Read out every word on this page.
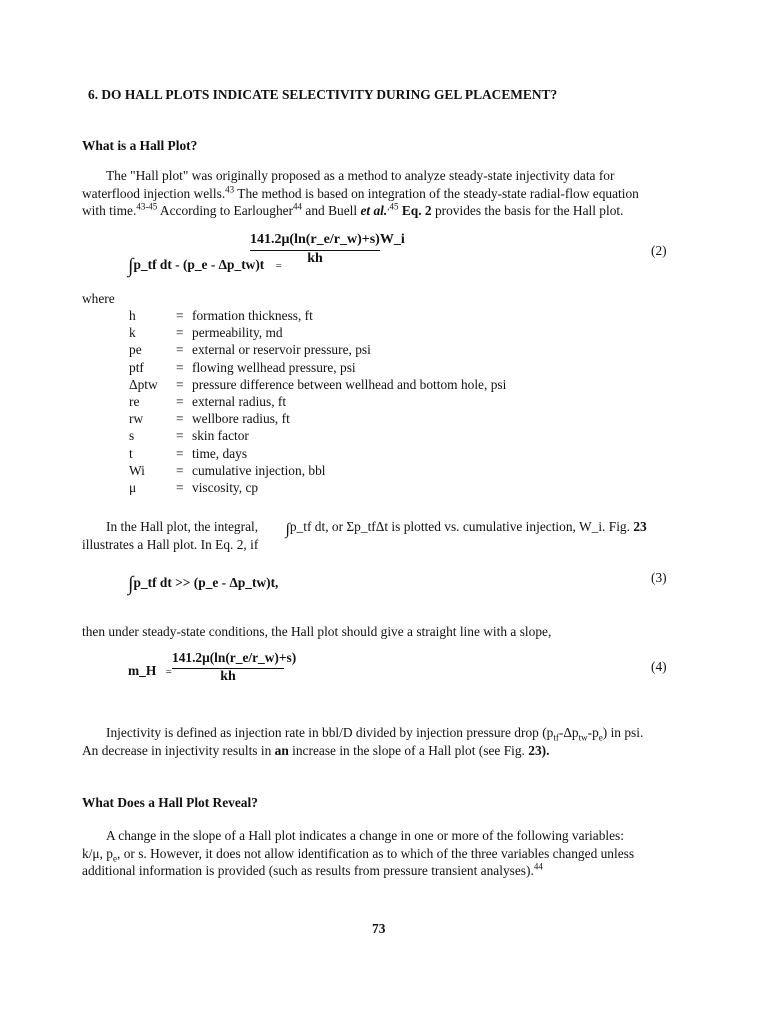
6. DO HALL PLOTS INDICATE SELECTIVITY DURING GEL PLACEMENT?
What is a Hall Plot?
The "Hall plot" was originally proposed as a method to analyze steady-state injectivity data for
waterflood injection wells.$^{43}$ The method is based on integration of the steady-state radial-flow equation
with time.$^{43-45}$ According to Earlougher$^{44}$ and Buell et al.$^{,45}$ Eq. 2 provides the basis for the Hall plot.
∫p_tf dt - (p_e - Δp_tw)t =
141.2μ(ln(r_e/r_w)+s)W_i
kh
(2)
where
h	= formation thickness, ft
k	= permeability, md
pe	= external or reservoir pressure, psi
ptf	= flowing wellhead pressure, psi
Δptw	= pressure difference between wellhead and bottom hole, psi
re	= external radius, ft
rw	= wellbore radius, ft
s	= skin factor
t	= time, days
Wi	= cumulative injection, bbl
μ	= viscosity, cp
In the Hall plot, the integral, ∫p_tf dt, or Σp_tfΔt is plotted vs. cumulative injection, W_i. Fig. 23
illustrates a Hall plot. In Eq. 2, if
∫p_tf dt >> (p_e - Δp_tw)t,	(3)
then under steady-state conditions, the Hall plot should give a straight line with a slope,
m_H =
141.2μ(ln(r_e/r_w)+s)
kh
(4)
Injectivity is defined as injection rate in bbl/D divided by injection pressure drop $(p_{tf}-\Delta p_{tw}-p_e)$ in psi.
An decrease in injectivity results in an increase in the slope of a Hall plot (see Fig. 23).
What Does a Hall Plot Reveal?
A change in the slope of a Hall plot indicates a change in one or more of the following variables:
k/μ, $p_e$, or s. However, it does not allow identification as to which of the three variables changed unless
additional information is provided (such as results from pressure transient analyses).$^{44}$
73
